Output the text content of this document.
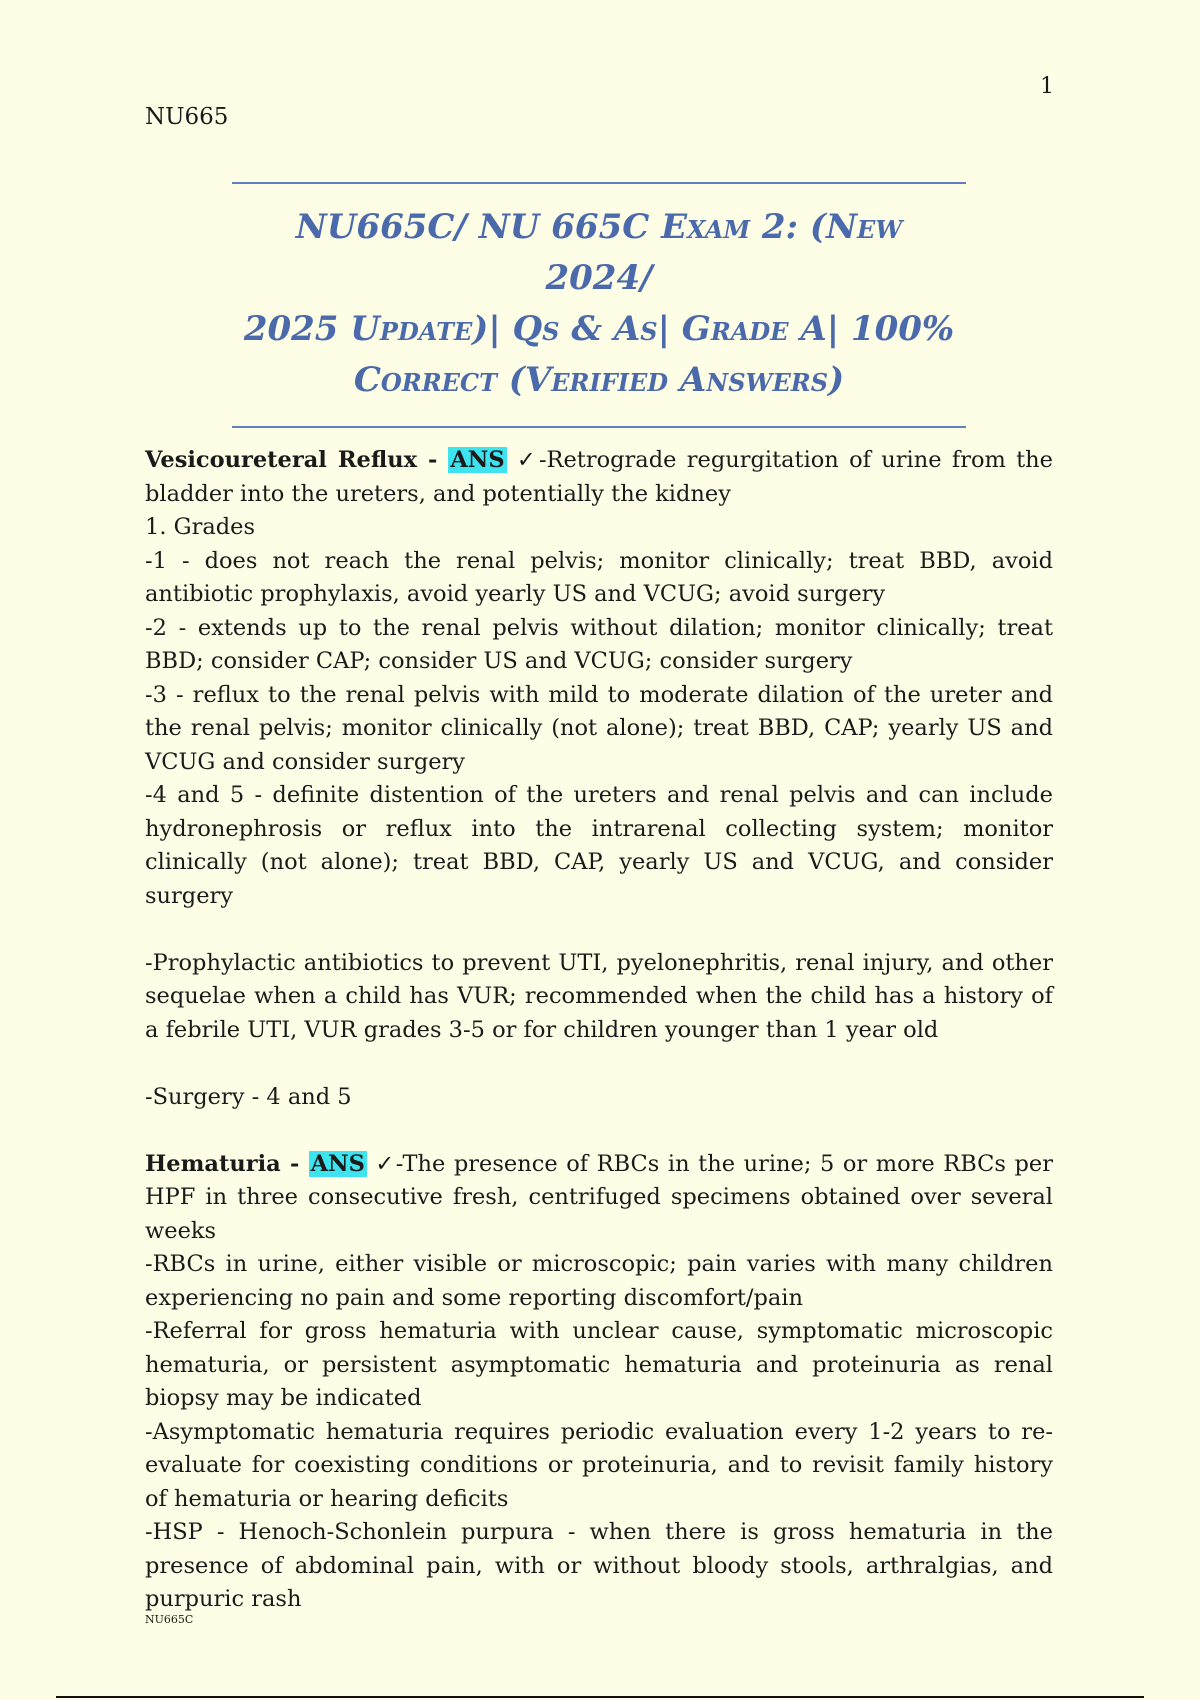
1
NU665

NU665C/ NU 665C Exam 2: (New 2024/

2025 Update)| Qs & As| Grade A| 100%

Correct (Verified Answers)

Vesicoureteral Reflux - ANS ✓-Retrograde regurgitation of urine from the bladder into the ureters, and potentially the kidney

1. Grades

-1 - does not reach the renal pelvis; monitor clinically; treat BBD, avoid antibiotic prophylaxis, avoid yearly US and VCUG; avoid surgery

-2 - extends up to the renal pelvis without dilation; monitor clinically; treat BBD; consider CAP; consider US and VCUG; consider surgery

-3 - reflux to the renal pelvis with mild to moderate dilation of the ureter and the renal pelvis; monitor clinically (not alone); treat BBD, CAP; yearly US and VCUG and consider surgery

-4 and 5 - definite distention of the ureters and renal pelvis and can include hydronephrosis or reflux into the intrarenal collecting system; monitor clinically (not alone); treat BBD, CAP, yearly US and VCUG, and consider surgery

-Prophylactic antibiotics to prevent UTI, pyelonephritis, renal injury, and other sequelae when a child has VUR; recommended when the child has a history of a febrile UTI, VUR grades 3-5 or for children younger than 1 year old

-Surgery - 4 and 5

Hematuria - ANS ✓-The presence of RBCs in the urine; 5 or more RBCs per HPF in three consecutive fresh, centrifuged specimens obtained over several weeks

-RBCs in urine, either visible or microscopic; pain varies with many children experiencing no pain and some reporting discomfort/pain

-Referral for gross hematuria with unclear cause, symptomatic microscopic hematuria, or persistent asymptomatic hematuria and proteinuria as renal biopsy may be indicated

-Asymptomatic hematuria requires periodic evaluation every 1-2 years to re-evaluate for coexisting conditions or proteinuria, and to revisit family history of hematuria or hearing deficits

-HSP - Henoch-Schonlein purpura - when there is gross hematuria in the presence of abdominal pain, with or without bloody stools, arthralgias, and purpuric rash

NU665C
